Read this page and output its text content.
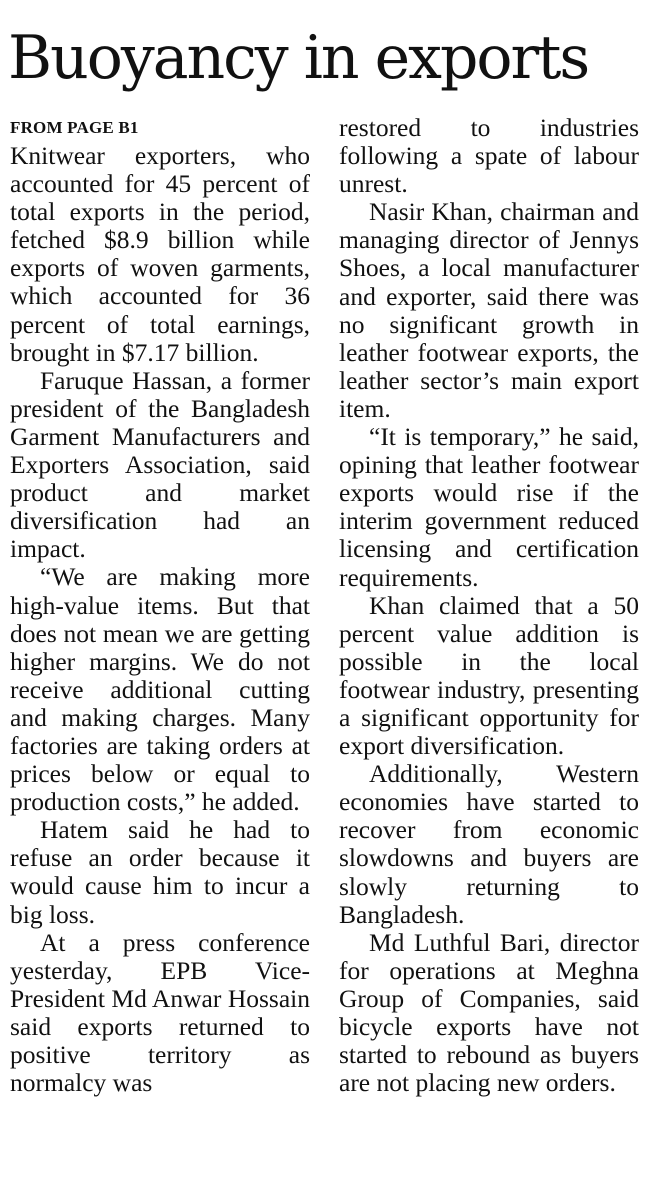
Buoyancy in exports
FROM PAGE B1

Knitwear exporters, who accounted for 45 percent of total exports in the period, fetched $8.9 billion while exports of woven garments, which accounted for 36 percent of total earnings, brought in $7.17 billion.

Faruque Hassan, a former president of the Bangladesh Garment Manufacturers and Exporters Association, said product and market diversification had an impact.

“We are making more high-value items. But that does not mean we are getting higher margins. We do not receive additional cutting and making charges. Many factories are taking orders at prices below or equal to production costs,” he added.

Hatem said he had to refuse an order because it would cause him to incur a big loss.

At a press conference yesterday, EPB Vice-President Md Anwar Hossain said exports returned to positive territory as normalcy was

restored to industries following a spate of labour unrest.

Nasir Khan, chairman and managing director of Jennys Shoes, a local manufacturer and exporter, said there was no significant growth in leather footwear exports, the leather sector’s main export item.

“It is temporary,” he said, opining that leather footwear exports would rise if the interim government reduced licensing and certification requirements.

Khan claimed that a 50 percent value addition is possible in the local footwear industry, presenting a significant opportunity for export diversification.

Additionally, Western economies have started to recover from economic slowdowns and buyers are slowly returning to Bangladesh.

Md Luthful Bari, director for operations at Meghna Group of Companies, said bicycle exports have not started to rebound as buyers are not placing new orders.
